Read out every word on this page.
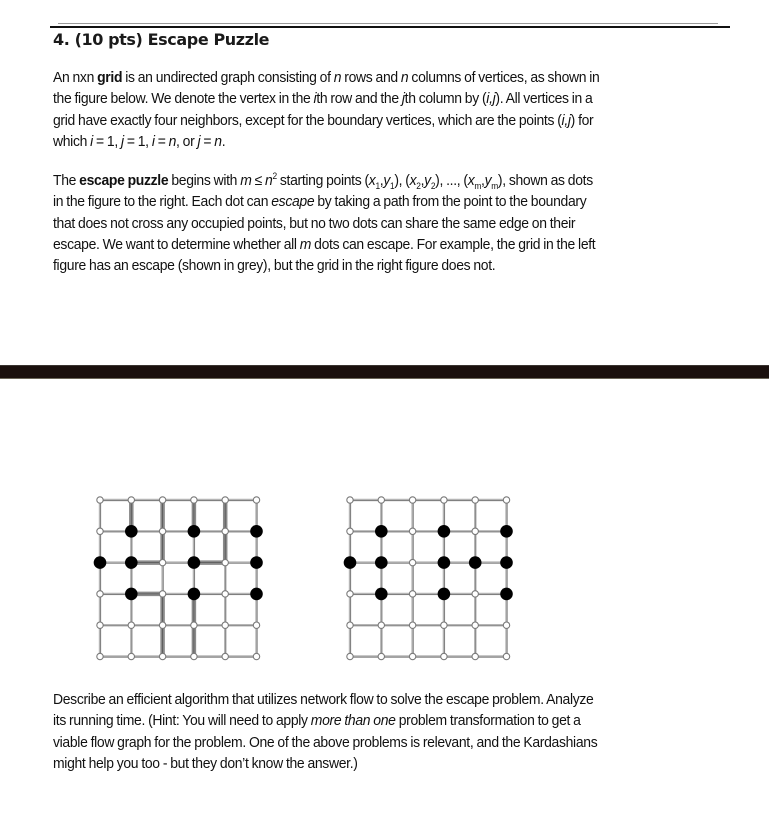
4. (10 pts) Escape Puzzle
An nxn grid is an undirected graph consisting of n rows and n columns of vertices, as shown in
the figure below. We denote the vertex in the ith row and the jth column by (i,j). All vertices in a
grid have exactly four neighbors, except for the boundary vertices, which are the points (i,j) for
which i = 1, j = 1, i = n, or j = n.
The escape puzzle begins with $m \le n^2$ starting points $(x_1,y_1)$, $(x_2,y_2)$, ..., $(x_m,y_m)$, shown as dots
in the figure to the right. Each dot can escape by taking a path from the point to the boundary
that does not cross any occupied points, but no two dots can share the same edge on their
escape. We want to determine whether all m dots can escape. For example, the grid in the left
figure has an escape (shown in grey), but the grid in the right figure does not.
Describe an efficient algorithm that utilizes network flow to solve the escape problem. Analyze
its running time. (Hint: You will need to apply more than one problem transformation to get a
viable flow graph for the problem. One of the above problems is relevant, and the Kardashians
might help you too - but they don’t know the answer.)
